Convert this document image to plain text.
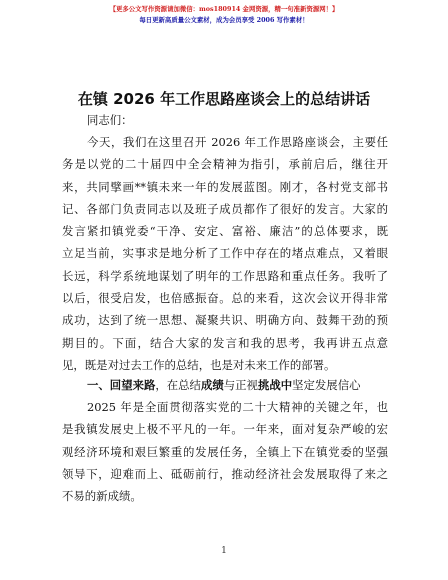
【更多公文写作资源请加微信：mos180914 金网资源，精一句准新资源网！】
每日更新高质量公文素材，成为会员享受 2006 写作素材！
在镇 2026 年工作思路座谈会上的总结讲话
同志们：
今天，我们在这里召开 2026 年工作思路座谈会，主要任
务是以党的二十届四中全会精神为指引，承前启后，继往开
来，共同擘画**镇未来一年的发展蓝图。刚才，各村党支部书
记、各部门负责同志以及班子成员都作了很好的发言。大家的
发言紧扣镇党委“干净、安定、富裕、廉洁”的总体要求，既
立足当前，实事求是地分析了工作中存在的堵点难点，又着眼
长远，科学系统地谋划了明年的工作思路和重点任务。我听了
以后，很受启发，也倍感振奋。总的来看，这次会议开得非常
成功，达到了统一思想、凝聚共识、明确方向、鼓舞干劲的预
期目的。下面，结合大家的发言和我的思考，我再讲五点意
见，既是对过去工作的总结，也是对未来工作的部署。
一、回望来路，在总结成绩与正视挑战中坚定发展信心
2025 年是全面贯彻落实党的二十大精神的关键之年，也
是我镇发展史上极不平凡的一年。一年来，面对复杂严峻的宏
观经济环境和艰巨繁重的发展任务，全镇上下在镇党委的坚强
领导下，迎难而上、砥砺前行，推动经济社会发展取得了来之
不易的新成绩。
1
